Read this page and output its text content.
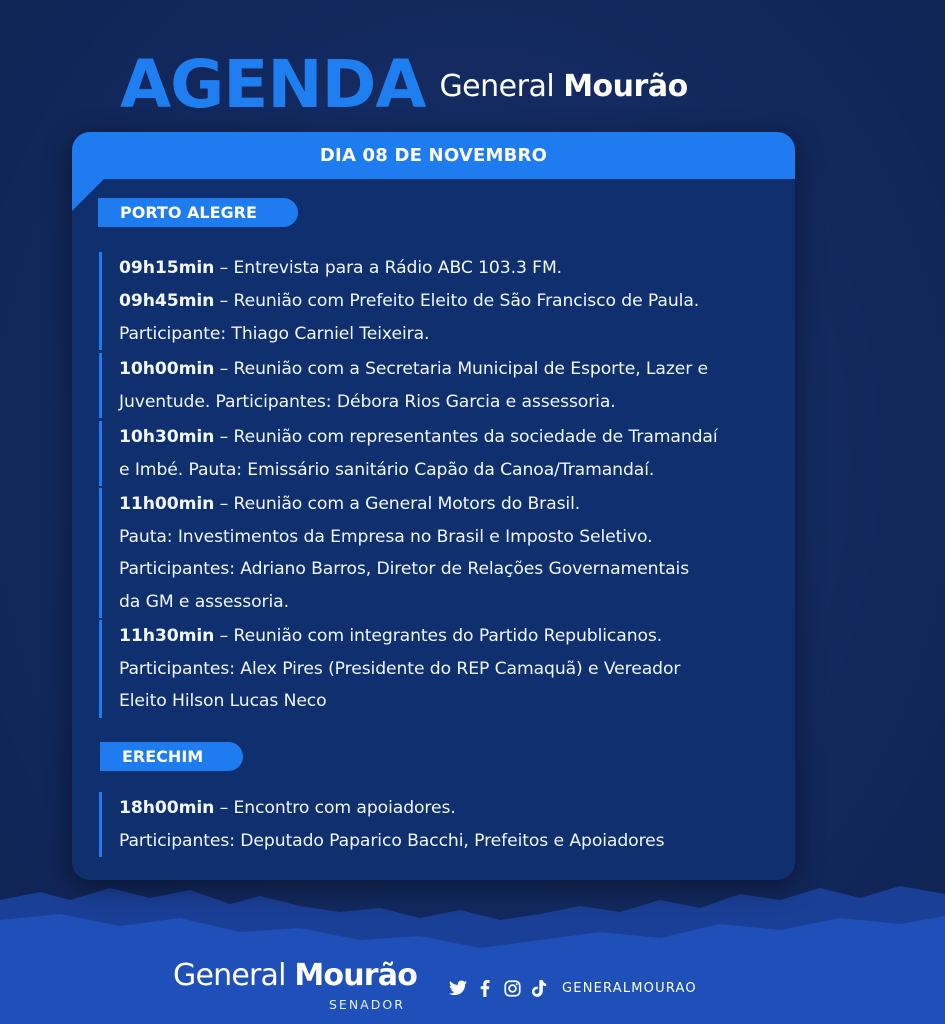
AGENDA General Mourão
DIA 08 DE NOVEMBRO
PORTO ALEGRE
09h15min – Entrevista para a Rádio ABC 103.3 FM.
09h45min – Reunião com Prefeito Eleito de São Francisco de Paula.
Participante: Thiago Carniel Teixeira.
10h00min – Reunião com a Secretaria Municipal de Esporte, Lazer e
Juventude. Participantes: Débora Rios Garcia e assessoria.
10h30min – Reunião com representantes da sociedade de Tramandaí
e Imbé. Pauta: Emissário sanitário Capão da Canoa/Tramandaí.
11h00min – Reunião com a General Motors do Brasil.
Pauta: Investimentos da Empresa no Brasil e Imposto Seletivo.
Participantes: Adriano Barros, Diretor de Relações Governamentais
da GM e assessoria.
11h30min – Reunião com integrantes do Partido Republicanos.
Participantes: Alex Pires (Presidente do REP Camaquã) e Vereador
Eleito Hilson Lucas Neco
ERECHIM
18h00min – Encontro com apoiadores.
Participantes: Deputado Paparico Bacchi, Prefeitos e Apoiadores
General Mourão
SENADOR
GENERALMOURAO
